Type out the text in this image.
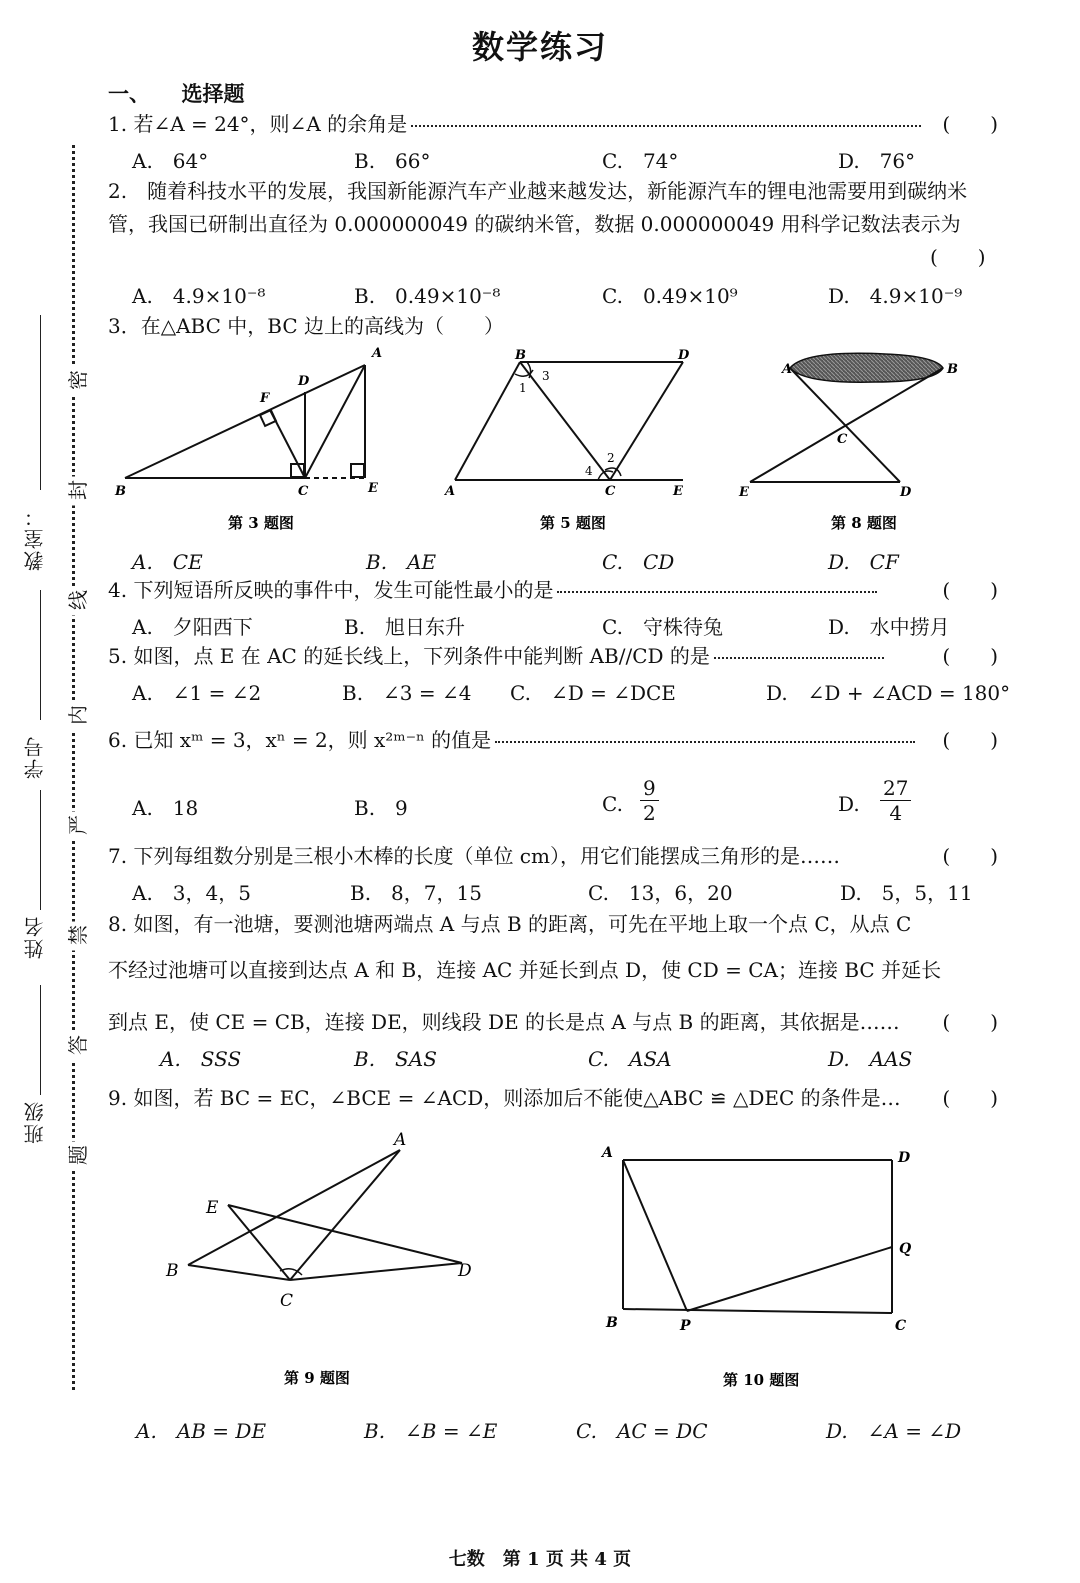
数学练习
一、　　选择题
教室：
学号
姓名
班级
密
封
线
内
严
禁
答
题
1. 若∠A = 24°，则∠A 的余角是	(　　)
A.　64°	B.　66°	C.　74°	D.　76°
2.　随着科技水平的发展，我国新能源汽车产业越来越发达，新能源汽车的锂电池需要用到碳纳米管，我国已研制出直径为 0.000000049 的碳纳米管，数据 0.000000049 用科学记数法表示为
(　　)
A.　4.9×10⁻⁸	B.　0.49×10⁻⁸	C.　0.49×10⁹	D.　4.9×10⁻⁹
3．在△ABC 中，BC 边上的高线为（　　）
A
B	C
D
E
F
第 3 题图
B	D
A	C	E
1
3
2
4
第 5 题图
A	B
C
D
E
第 8 题图
A.　CE	B.　AE	C.　CD	D.　CF
4. 下列短语所反映的事件中，发生可能性最小的是	(　　)
A.　夕阳西下	B.　旭日东升	C.　守株待兔	D.　水中捞月
5. 如图，点 E 在 AC 的延长线上，下列条件中能判断 AB//CD 的是	(　　)
A.　∠1 = ∠2	B.　∠3 = ∠4 C.　∠D = ∠DCE	D.　∠D + ∠ACD = 180°
6. 已知 xᵐ = 3，xⁿ = 2，则 x²ᵐ⁻ⁿ 的值是	(　　)
A.　18	B.　9	C. $\frac{9}{2}$	D. $\frac{27}{4}$
7. 下列每组数分别是三根小木棒的长度（单位 cm），用它们能摆成三角形的是……	(　　)
A.　3，4，5	B.　8，7，15	C.　13，6，20	D.　5，5，11
8. 如图，有一池塘，要测池塘两端点 A 与点 B 的距离，可先在平地上取一个点 C，从点 C
不经过池塘可以直接到达点 A 和 B，连接 AC 并延长到点 D，使 CD = CA；连接 BC 并延长
到点 E，使 CE = CB，连接 DE，则线段 DE 的长是点 A 与点 B 的距离，其依据是…… (　　)
A.　SSS	B.　SAS	C.　ASA	D.　AAS
9. 如图，若 BC = EC，∠BCE = ∠ACD，则添加后不能使△ABC ≌ △DEC 的条件是… (　　)
A
B
C
D
E
第 9 题图
A
B	C
D
P
Q
第 10 题图
A.　AB = DE	B.　∠B = ∠E	C.　AC = DC	D.　∠A = ∠D
七数　第 1 页 共 4 页
